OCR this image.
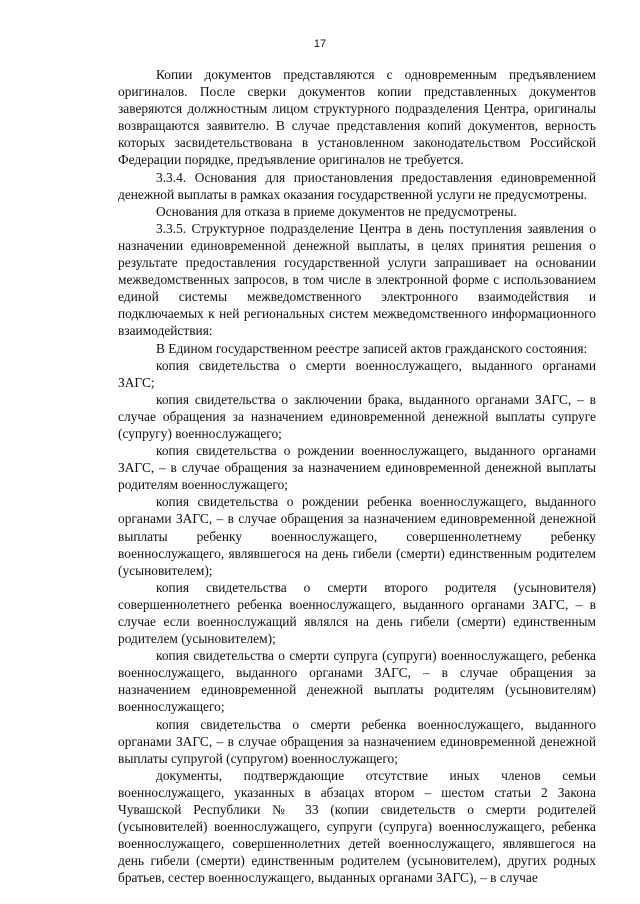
17

Копии документов представляются с одновременным предъявлением оригиналов. После сверки документов копии представленных документов заверяются должностным лицом структурного подразделения Центра, оригиналы возвращаются заявителю. В случае представления копий документов, верность которых засвидетельствована в установленном законодательством Российской Федерации порядке, предъявление оригиналов не требуется.

3.3.4. Основания для приостановления предоставления единовременной денежной выплаты в рамках оказания государственной услуги не предусмотрены.

Основания для отказа в приеме документов не предусмотрены.

3.3.5. Структурное подразделение Центра в день поступления заявления о назначении единовременной денежной выплаты, в целях принятия решения о результате предоставления государственной услуги запрашивает на основании межведомственных запросов, в том числе в электронной форме с использованием единой системы межведомственного электронного взаимодействия и подключаемых к ней региональных систем межведомственного информационного взаимодействия:

В Едином государственном реестре записей актов гражданского состояния:

копия свидетельства о смерти военнослужащего, выданного органами ЗАГС;

копия свидетельства о заключении брака, выданного органами ЗАГС, – в случае обращения за назначением единовременной денежной выплаты супруге (супругу) военнослужащего;

копия свидетельства о рождении военнослужащего, выданного органами ЗАГС, – в случае обращения за назначением единовременной денежной выплаты родителям военнослужащего;

копия свидетельства о рождении ребенка военнослужащего, выданного органами ЗАГС, – в случае обращения за назначением единовременной денежной выплаты ребенку военнослужащего, совершеннолетнему ребенку военнослужащего, являвшегося на день гибели (смерти) единственным родителем (усыновителем);

копия свидетельства о смерти второго родителя (усыновителя) совершеннолетнего ребенка военнослужащего, выданного органами ЗАГС, – в случае если военнослужащий являлся на день гибели (смерти) единственным родителем (усыновителем);

копия свидетельства о смерти супруга (супруги) военнослужащего, ребенка военнослужащего, выданного органами ЗАГС, – в случае обращения за назначением единовременной денежной выплаты родителям (усыновителям) военнослужащего;

копия свидетельства о смерти ребенка военнослужащего, выданного органами ЗАГС, – в случае обращения за назначением единовременной денежной выплаты супругой (супругом) военнослужащего;

документы, подтверждающие отсутствие иных членов семьи военнослужащего, указанных в абзацах втором – шестом статьи 2 Закона Чувашской Республики № 33 (копии свидетельств о смерти родителей (усыновителей) военнослужащего, супруги (супруга) военнослужащего, ребенка военнослужащего, совершеннолетних детей военнослужащего, являвшегося на день гибели (смерти) единственным родителем (усыновителем), других родных братьев, сестер военнослужащего, выданных органами ЗАГС), – в случае
